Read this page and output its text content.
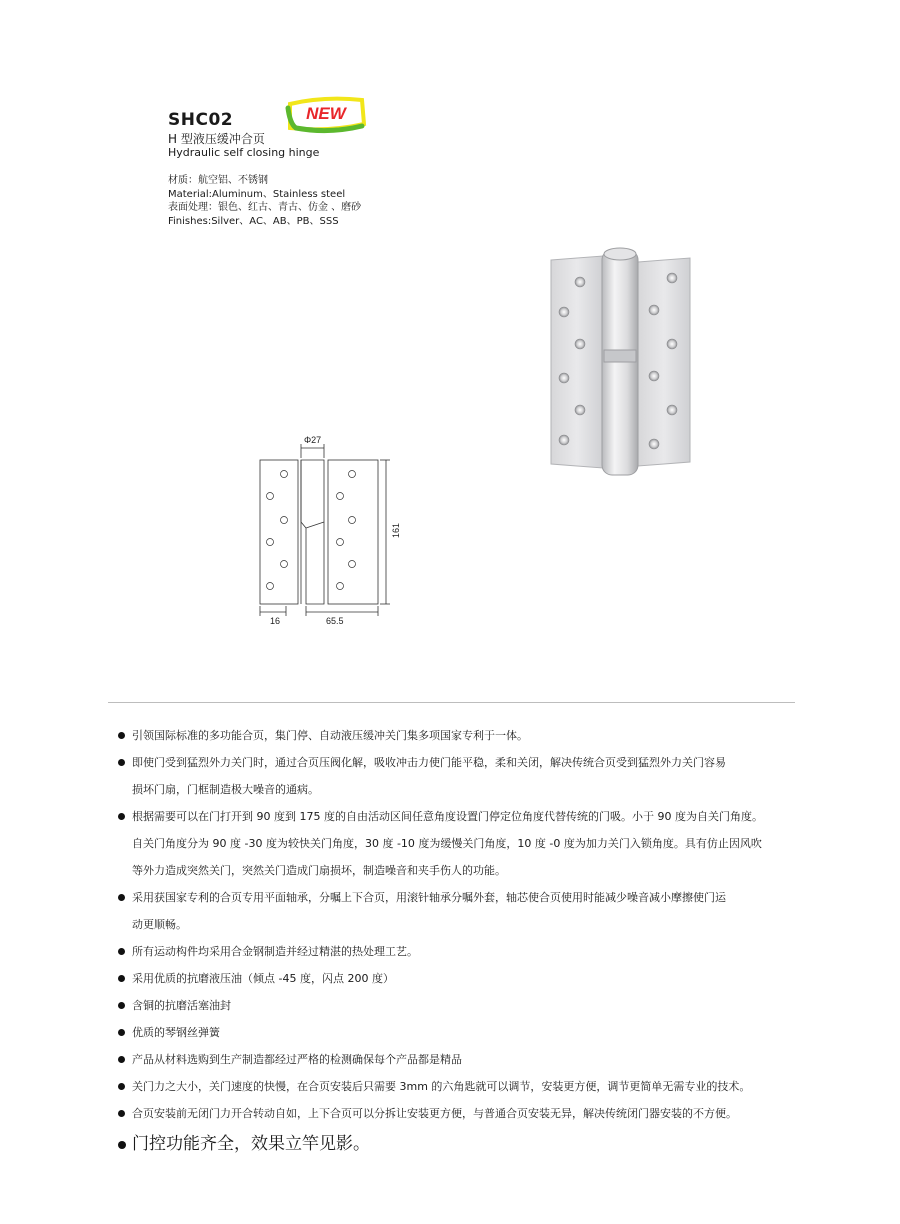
SHC02
H 型液压缓冲合页
Hydraulic self closing hinge
材质：航空铝、不锈钢
Material:Aluminum、Stainless steel
表面处理：银色、红古、青古、仿金 、磨砂
Finishes:Silver、AC、AB、PB、SSS
NEW
Φ27
161
16	65.5

引领国际标准的多功能合页，集门停、自动液压缓冲关门集多项国家专利于一体。

即使门受到猛烈外力关门时，通过合页压阀化解，吸收冲击力使门能平稳，柔和关闭，解决传统合页受到猛烈外力关门容易
损坏门扇，门框制造极大噪音的通病。

根据需要可以在门打开到 90 度到 175 度的自由活动区间任意角度设置门停定位角度代替传统的门吸。小于 90 度为自关门角度。
自关门角度分为 90 度 -30 度为较快关门角度，30 度 -10 度为缓慢关门角度，10 度 -0 度为加力关门入锁角度。具有仿止因风吹
等外力造成突然关门，突然关门造成门扇损坏，制造噪音和夹手伤人的功能。

采用获国家专利的合页专用平面轴承，分嘱上下合页，用滚针轴承分嘱外套，轴芯使合页使用时能减少噪音减小摩擦使门运
动更顺畅。

所有运动构件均采用合金钢制造并经过精湛的热处理工艺。

采用优质的抗磨液压油（倾点 -45 度，闪点 200 度）

含铜的抗磨活塞油封

优质的琴钢丝弹簧

产品从材料选购到生产制造都经过严格的检测确保每个产品都是精品

关门力之大小，关门速度的快慢，在合页安装后只需要 3mm 的六角匙就可以调节，安装更方便，调节更简单无需专业的技术。

合页安装前无闭门力开合转动自如，上下合页可以分拆让安装更方便，与普通合页安装无异，解决传统闭门器安装的不方便。

门控功能齐全，效果立竿见影。
